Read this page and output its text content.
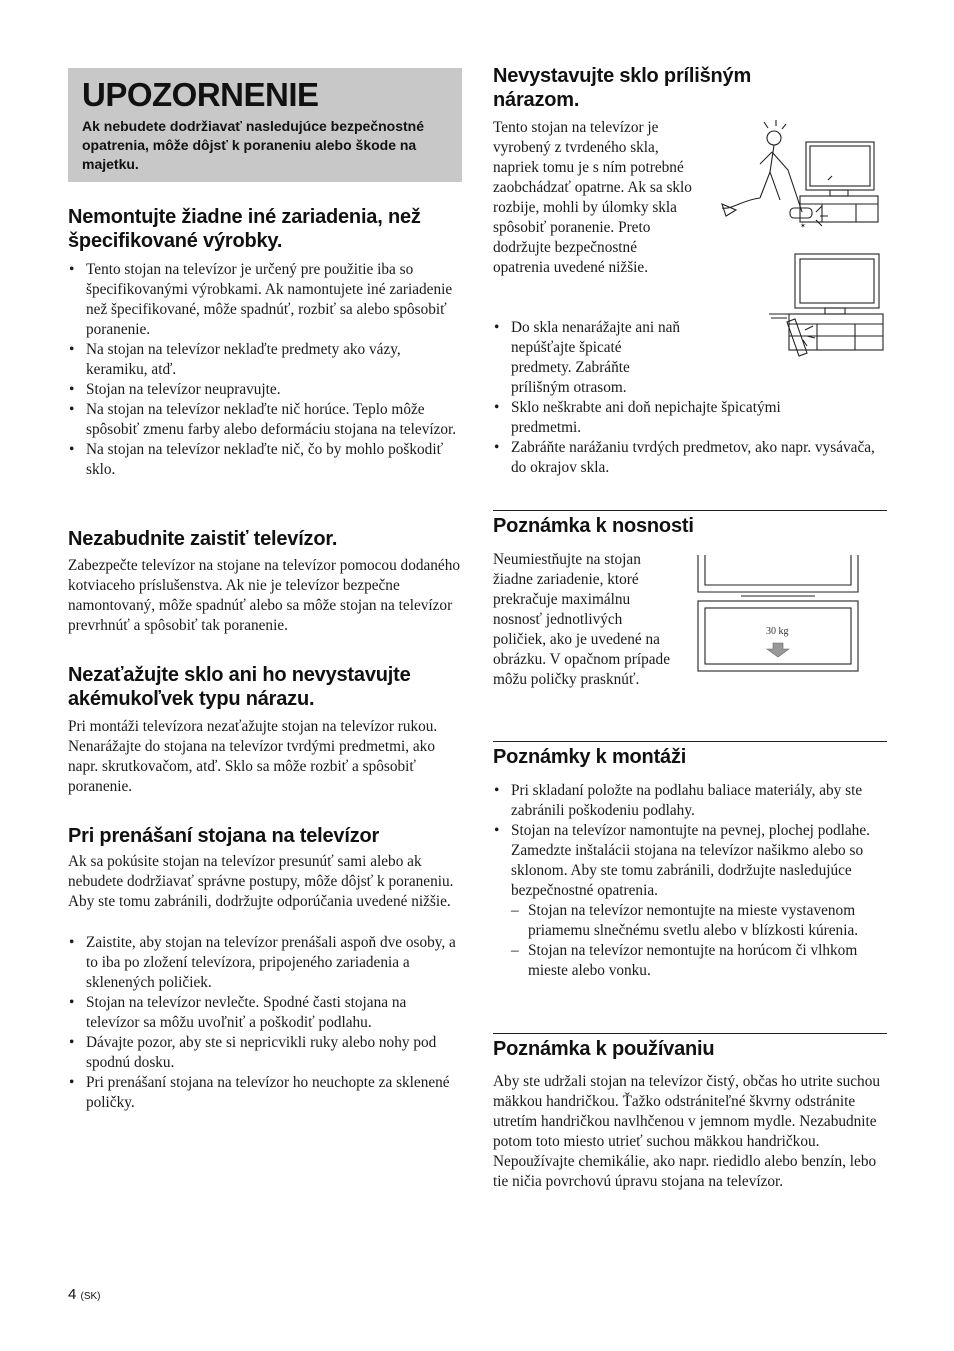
UPOZORNENIE
Ak nebudete dodržiavať nasledujúce bezpečnostné opatrenia, môže dôjsť k poraneniu alebo škode na majetku.
Nemontujte žiadne iné zariadenia, než špecifikované výrobky.
• Tento stojan na televízor je určený pre použitie iba so špecifikovanými výrobkami. Ak namontujete iné zariadenie než špecifikované, môže spadnúť, rozbiť sa alebo spôsobiť poranenie.
• Na stojan na televízor neklaďte predmety ako vázy, keramiku, atď.
• Stojan na televízor neupravujte.
• Na stojan na televízor neklaďte nič horúce. Teplo môže spôsobiť zmenu farby alebo deformáciu stojana na televízor.
• Na stojan na televízor neklaďte nič, čo by mohlo poškodiť sklo.
Nezabudnite zaistiť televízor.

Zabezpečte televízor na stojane na televízor pomocou dodaného kotviaceho príslušenstva. Ak nie je televízor bezpečne namontovaný, môže spadnúť alebo sa môže stojan na televízor prevrhnúť a spôsobiť tak poranenie.

Nezaťažujte sklo ani ho nevystavujte akémukoľvek typu nárazu.

Pri montáži televízora nezaťažujte stojan na televízor rukou. Nenarážajte do stojana na televízor tvrdými predmetmi, ako napr. skrutkovačom, atď. Sklo sa môže rozbiť a spôsobiť poranenie.

Pri prenášaní stojana na televízor

Ak sa pokúsite stojan na televízor presunúť sami alebo ak nebudete dodržiavať správne postupy, môže dôjsť k poraneniu. Aby ste tomu zabránili, dodržujte odporúčania uvedené nižšie.

• Zaistite, aby stojan na televízor prenášali aspoň dve osoby, a to iba po zložení televízora, pripojeného zariadenia a sklenených poličiek.
• Stojan na televízor nevlečte. Spodné časti stojana na televízor sa môžu uvoľniť a poškodiť podlahu.
• Dávajte pozor, aby ste si nepricvikli ruky alebo nohy pod spodnú dosku.
• Pri prenášaní stojana na televízor ho neuchopte za sklenené poličky.
Nevystavujte sklo prílišným nárazom.

Tento stojan na televízor je vyrobený z tvrdeného skla, napriek tomu je s ním potrebné zaobchádzať opatrne. Ak sa sklo rozbije, mohli by úlomky skla spôsobiť poranenie. Preto dodržujte bezpečnostné opatrenia uvedené nižšie.

• Do skla nenarážajte ani naň nepúšťajte špicaté predmety. Zabráňte prílišným otrasom.
• Sklo neškrabte ani doň nepichajte špicatými predmetmi.
• Zabráňte narážaniu tvrdých predmetov, ako napr. vysávača, do okrajov skla.
✶
Poznámka k nosnosti

Neumiestňujte na stojan žiadne zariadenie, ktoré prekračuje maximálnu nosnosť jednotlivých poličiek, ako je uvedené na obrázku. V opačnom prípade môžu poličky prasknúť.

30 kg
Poznámky k montáži
• Pri skladaní položte na podlahu baliace materiály, aby ste zabránili poškodeniu podlahy.
• Stojan na televízor namontujte na pevnej, plochej podlahe. Zamedzte inštalácii stojana na televízor našikmo alebo so sklonom. Aby ste tomu zabránili, dodržujte nasledujúce bezpečnostné opatrenia.
– Stojan na televízor nemontujte na mieste vystavenom priamemu slnečnému svetlu alebo v blízkosti kúrenia.
– Stojan na televízor nemontujte na horúcom či vlhkom mieste alebo vonku.
Poznámka k používaniu

Aby ste udržali stojan na televízor čistý, občas ho utrite suchou mäkkou handričkou. Ťažko odstrániteľné škvrny odstránite utretím handričkou navlhčenou v jemnom mydle. Nezabudnite potom toto miesto utrieť suchou mäkkou handričkou. Nepoužívajte chemikálie, ako napr. riedidlo alebo benzín, lebo tie ničia povrchovú úpravu stojana na televízor.

4 (SK)
